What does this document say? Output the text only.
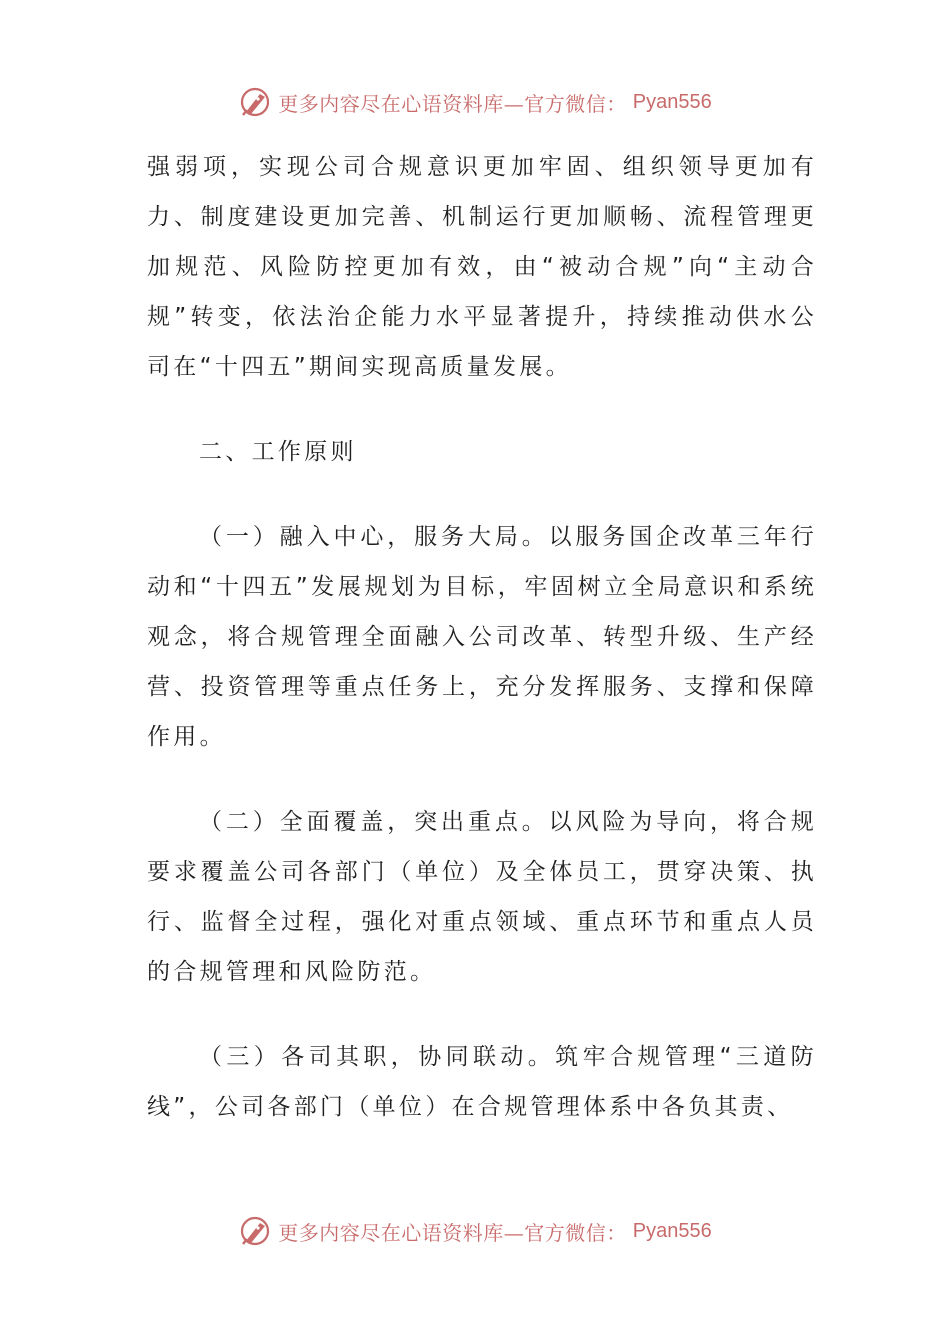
更多内容尽在心语资料库—官方微信： Pyan556

强弱项，实现公司合规意识更加牢固、组织领导更加有力、制度建设更加完善、机制运行更加顺畅、流程管理更加规范、风险防控更加有效，由“被动合规”向“主动合规”转变，依法治企能力水平显著提升，持续推动供水公司在“十四五”期间实现高质量发展。

二、工作原则

（一）融入中心，服务大局。以服务国企改革三年行动和“十四五”发展规划为目标，牢固树立全局意识和系统观念，将合规管理全面融入公司改革、转型升级、生产经营、投资管理等重点任务上，充分发挥服务、支撑和保障作用。

（二）全面覆盖，突出重点。以风险为导向，将合规要求覆盖公司各部门（单位）及全体员工，贯穿决策、执行、监督全过程，强化对重点领域、重点环节和重点人员的合规管理和风险防范。

（三）各司其职，协同联动。筑牢合规管理“三道防线”，公司各部门（单位）在合规管理体系中各负其责、

更多内容尽在心语资料库—官方微信： Pyan556
